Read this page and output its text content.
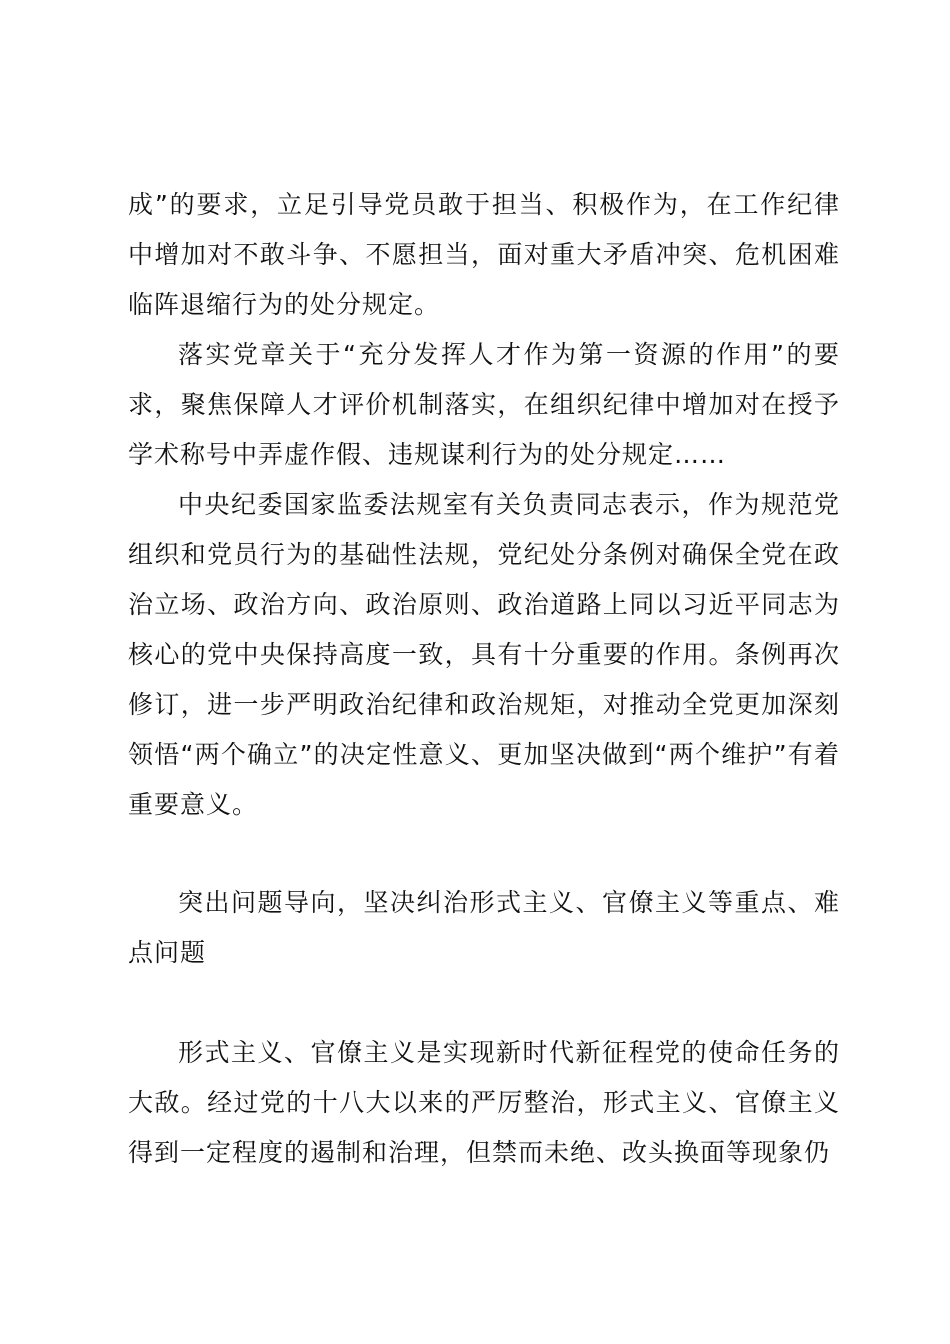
成”的要求，立足引导党员敢于担当、积极作为，在工作纪律中增加对不敢斗争、不愿担当，面对重大矛盾冲突、危机困难临阵退缩行为的处分规定。

落实党章关于“充分发挥人才作为第一资源的作用”的要求，聚焦保障人才评价机制落实，在组织纪律中增加对在授予学术称号中弄虚作假、违规谋利行为的处分规定……

中央纪委国家监委法规室有关负责同志表示，作为规范党组织和党员行为的基础性法规，党纪处分条例对确保全党在政治立场、政治方向、政治原则、政治道路上同以习近平同志为核心的党中央保持高度一致，具有十分重要的作用。条例再次修订，进一步严明政治纪律和政治规矩，对推动全党更加深刻领悟“两个确立”的决定性意义、更加坚决做到“两个维护”有着重要意义。

突出问题导向，坚决纠治形式主义、官僚主义等重点、难点问题

形式主义、官僚主义是实现新时代新征程党的使命任务的大敌。经过党的十八大以来的严厉整治，形式主义、官僚主义得到一定程度的遏制和治理，但禁而未绝、改头换面等现象仍
